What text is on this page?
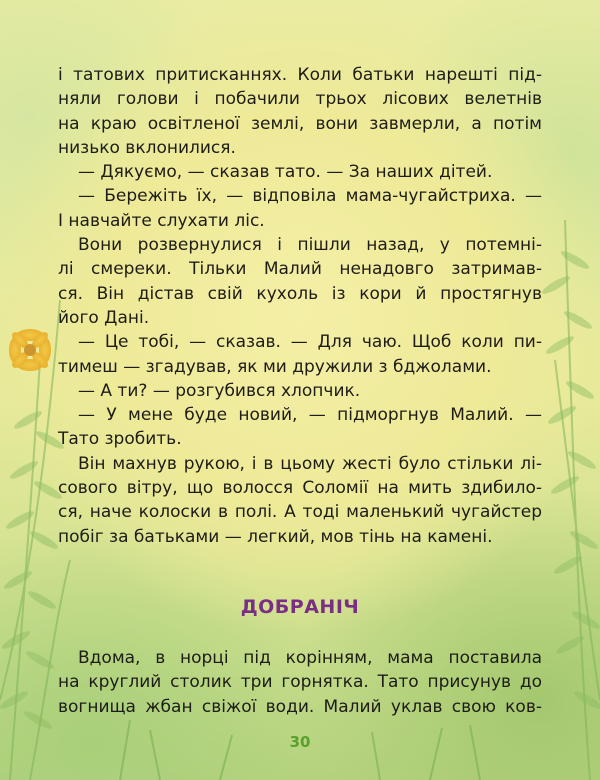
і татових притисканнях. Коли батьки нарешті під-

няли голови і побачили трьох лісових велетнів

на краю освітленої землі, вони завмерли, а потім

низько вклонилися.

— Дякуємо, — сказав тато. — За наших дітей.

— Бережіть їх, — відповіла мама-чугайстриха. —

І навчайте слухати ліс.

Вони розвернулися і пішли назад, у потемні-

лі смереки. Тільки Малий ненадовго затримав-

ся. Він дістав свій кухоль із кори й простягнув

його Дані.

— Це тобі, — сказав. — Для чаю. Щоб коли пи-

тимеш — згадував, як ми дружили з бджолами.

— А ти? — розгубився хлопчик.

— У мене буде новий, — підморгнув Малий. —

Тато зробить.

Він махнув рукою, і в цьому жесті було стільки лі-

сового вітру, що волосся Соломії на мить здибило-

ся, наче колоски в полі. А тоді маленький чугайстер

побіг за батьками — легкий, мов тінь на камені.

ДОБРАНІЧ

Вдома, в норці під корінням, мама поставила

на круглий столик три горнятка. Тато присунув до

вогнища жбан свіжої води. Малий уклав свою ков-

30
